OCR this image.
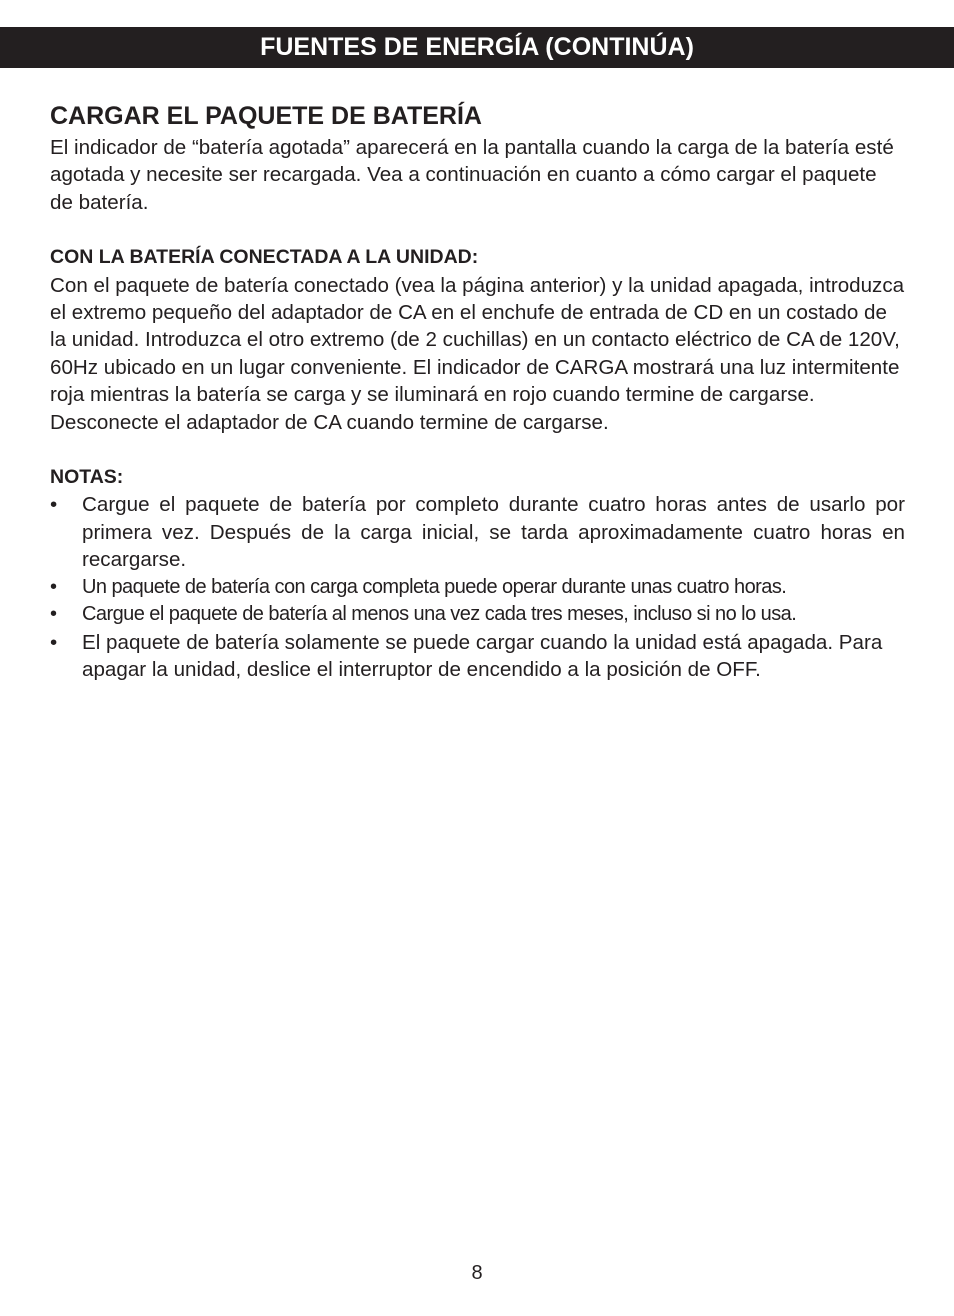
FUENTES DE ENERGÍA (CONTINÚA)
CARGAR EL PAQUETE DE BATERÍA

El indicador de “batería agotada” aparecerá en la pantalla cuando la carga de la batería esté agotada y necesite ser recargada. Vea a continuación en cuanto a cómo cargar el paquete de batería.

CON LA BATERÍA CONECTADA A LA UNIDAD:

Con el paquete de batería conectado (vea la página anterior) y la unidad apagada, introduzca el extremo pequeño del adaptador de CA en el enchufe de entrada de CD en un costado de la unidad. Introduzca el otro extremo (de 2 cuchillas) en un contacto eléctrico de CA de 120V, 60Hz ubicado en un lugar conveniente. El indicador de CARGA mostrará una luz intermitente roja mientras la batería se carga y se iluminará en rojo cuando termine de cargarse. Desconecte el adaptador de CA cuando termine de cargarse.

NOTAS:
• Cargue el paquete de batería por completo durante cuatro horas antes de usarlo por primera vez. Después de la carga inicial, se tarda aproximadamente cuatro horas en recargarse.
• Un paquete de batería con carga completa puede operar durante unas cuatro horas.
• Cargue el paquete de batería al menos una vez cada tres meses, incluso si no lo usa.
• El paquete de batería solamente se puede cargar cuando la unidad está apagada. Para apagar la unidad, deslice el interruptor de encendido a la posición de OFF.
8
